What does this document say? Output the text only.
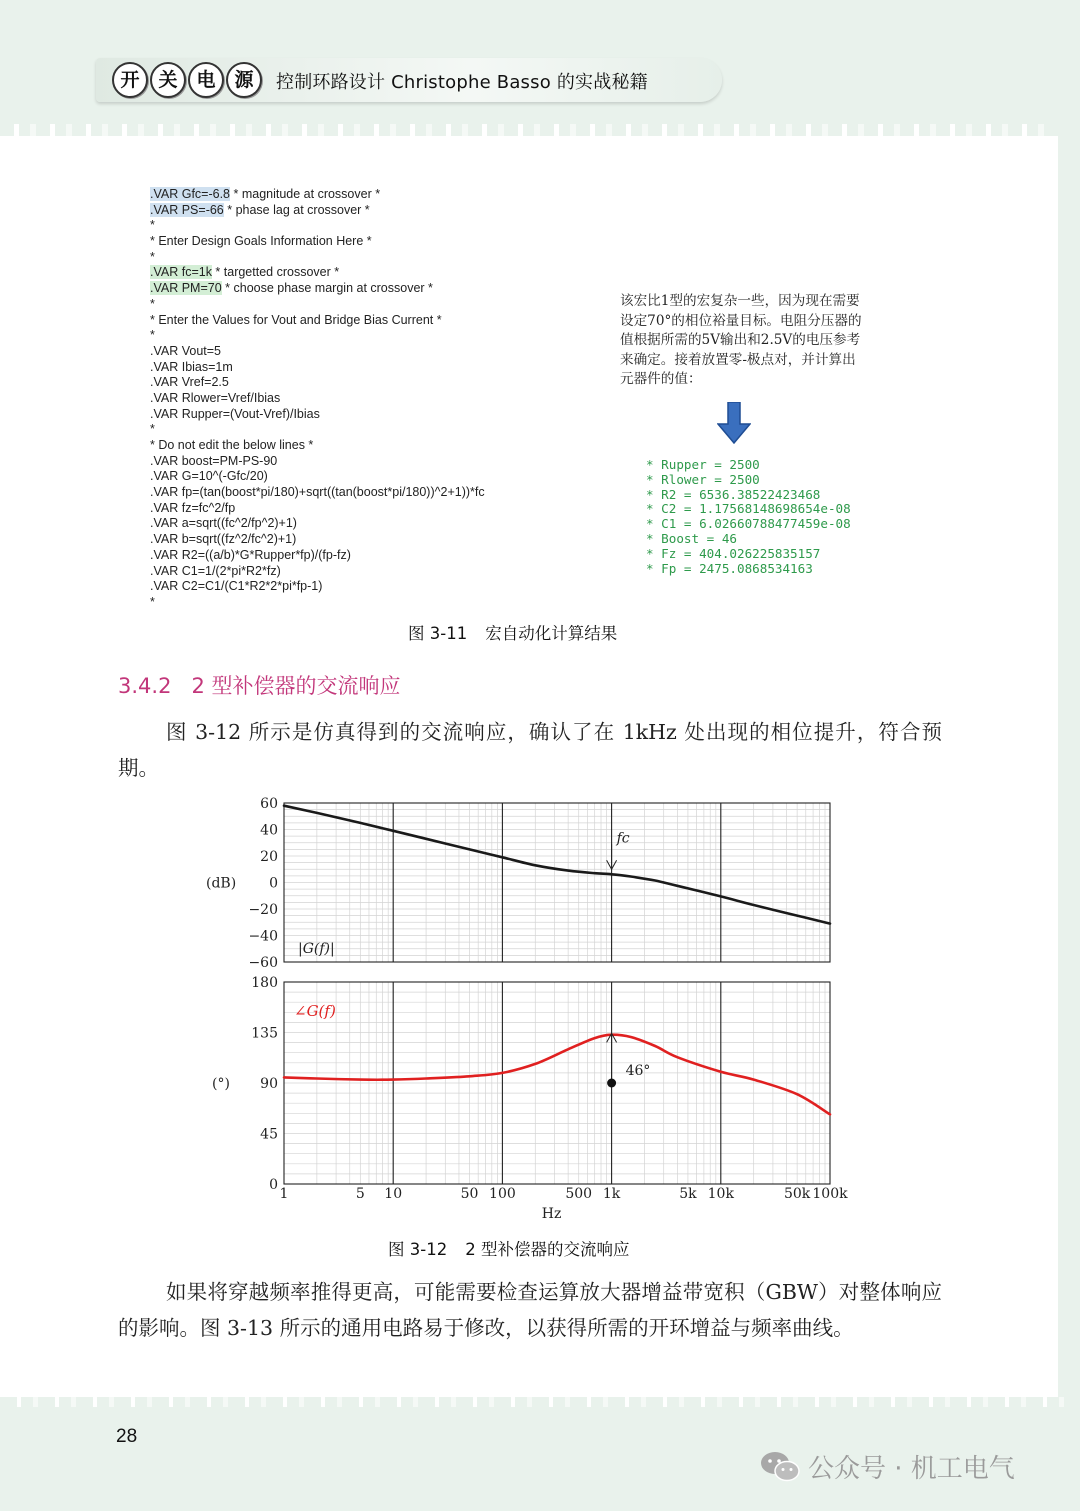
开 关 电 源	控制环路设计 Christophe Basso 的实战秘籍
.VAR Gfc=-6.8 * magnitude at crossover *
.VAR PS=-66 * phase lag at crossover *
*
* Enter Design Goals Information Here *
*
.VAR fc=1k * targetted crossover *
.VAR PM=70 * choose phase margin at crossover *
*
* Enter the Values for Vout and Bridge Bias Current *
*
.VAR Vout=5
.VAR Ibias=1m
.VAR Vref=2.5
.VAR Rlower=Vref/Ibias
.VAR Rupper=(Vout-Vref)/Ibias
*
* Do not edit the below lines *
.VAR boost=PM-PS-90
.VAR G=10^(-Gfc/20)
.VAR fp=(tan(boost*pi/180)+sqrt((tan(boost*pi/180))^2+1))*fc
.VAR fz=fc^2/fp
.VAR a=sqrt((fc^2/fp^2)+1)
.VAR b=sqrt((fz^2/fc^2)+1)
.VAR R2=((a/b)*G*Rupper*fp)/(fp-fz)
.VAR C1=1/(2*pi*R2*fz)
.VAR C2=C1/(C1*R2*2*pi*fp-1)
*
该宏比1型的宏复杂一些，因为现在需要
设定70°的相位裕量目标。电阻分压器的
值根据所需的5V输出和2.5V的电压参考
来确定。接着放置零-极点对，并计算出
元器件的值：
* Rupper = 2500
* Rlower = 2500
* R2 = 6536.38522423468
* C2 = 1.17568148698654e-08
* C1 = 6.02660788477459e-08
* Boost = 46
* Fz = 404.026225835157
* Fp = 2475.0868534163
图 3-11 宏自动化计算结果
3.4.2 2 型补偿器的交流响应

图 3-12 所示是仿真得到的交流响应，确认了在 1kHz 处出现的相位提升，符合预期。

60
40
20
0
−20
−40
−60
(dB)
|G(f)|
fc
180
135
90
45
0
(°)
∠G(f)
46°
1	5 10	50 100	500 1k	5k 10k	50k 100k
Hz
图 3-12 2 型补偿器的交流响应

如果将穿越频率推得更高，可能需要检查运算放大器增益带宽积（GBW）对整体响应的影响。图 3-13 所示的通用电路易于修改，以获得所需的开环增益与频率曲线。

28
公众号 · 机工电气
